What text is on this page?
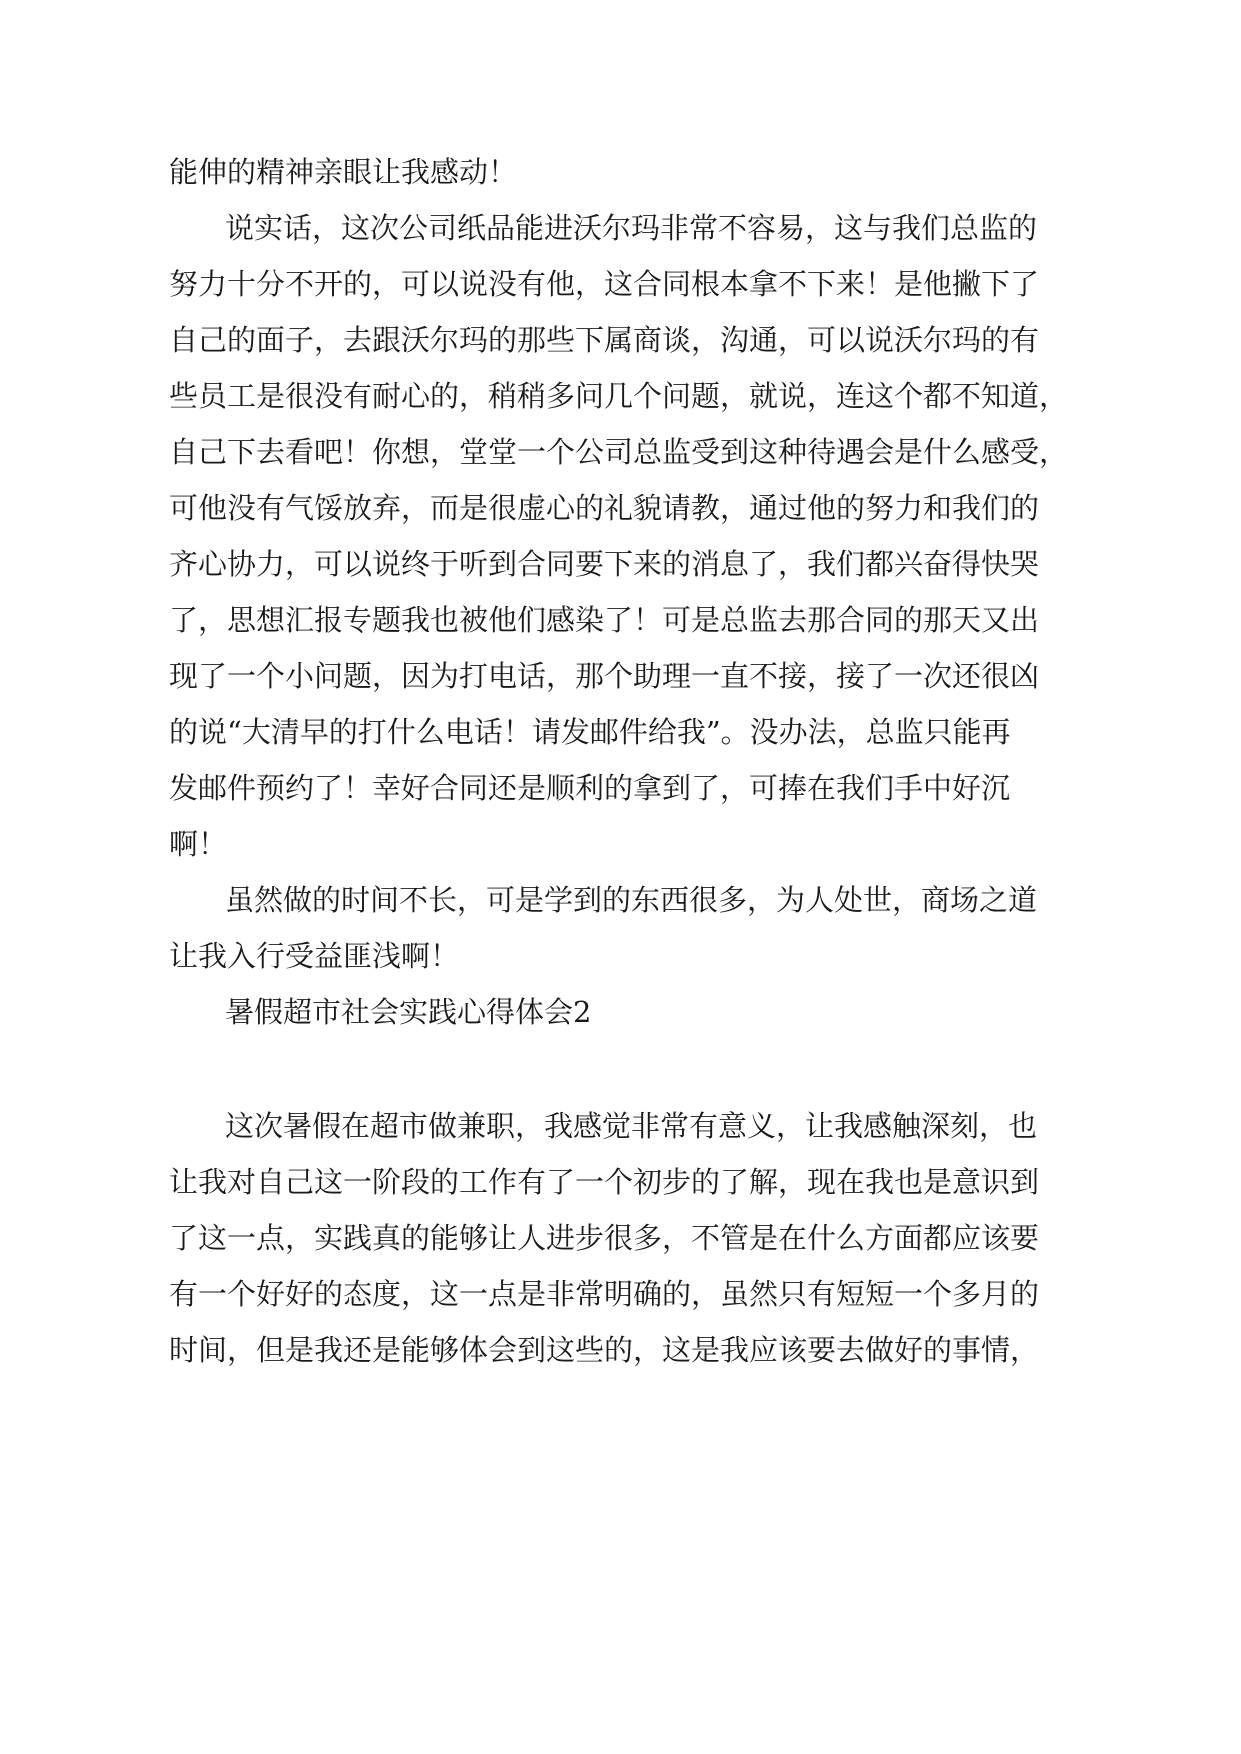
能伸的精神亲眼让我感动！
说实话，这次公司纸品能进沃尔玛非常不容易，这与我们总监的
努力十分不开的，可以说没有他，这合同根本拿不下来！是他撇下了
自己的面子，去跟沃尔玛的那些下属商谈，沟通，可以说沃尔玛的有
些员工是很没有耐心的，稍稍多问几个问题，就说，连这个都不知道，
自己下去看吧！你想，堂堂一个公司总监受到这种待遇会是什么感受，
可他没有气馁放弃，而是很虚心的礼貌请教，通过他的努力和我们的
齐心协力，可以说终于听到合同要下来的消息了，我们都兴奋得快哭
了，思想汇报专题我也被他们感染了！可是总监去那合同的那天又出
现了一个小问题，因为打电话，那个助理一直不接，接了一次还很凶
的说“大清早的打什么电话！请发邮件给我”。没办法，总监只能再
发邮件预约了！幸好合同还是顺利的拿到了，可捧在我们手中好沉
啊！
虽然做的时间不长，可是学到的东西很多，为人处世，商场之道
让我入行受益匪浅啊！
暑假超市社会实践心得体会2
这次暑假在超市做兼职，我感觉非常有意义，让我感触深刻，也
让我对自己这一阶段的工作有了一个初步的了解，现在我也是意识到
了这一点，实践真的能够让人进步很多，不管是在什么方面都应该要
有一个好好的态度，这一点是非常明确的，虽然只有短短一个多月的
时间，但是我还是能够体会到这些的，这是我应该要去做好的事情，
